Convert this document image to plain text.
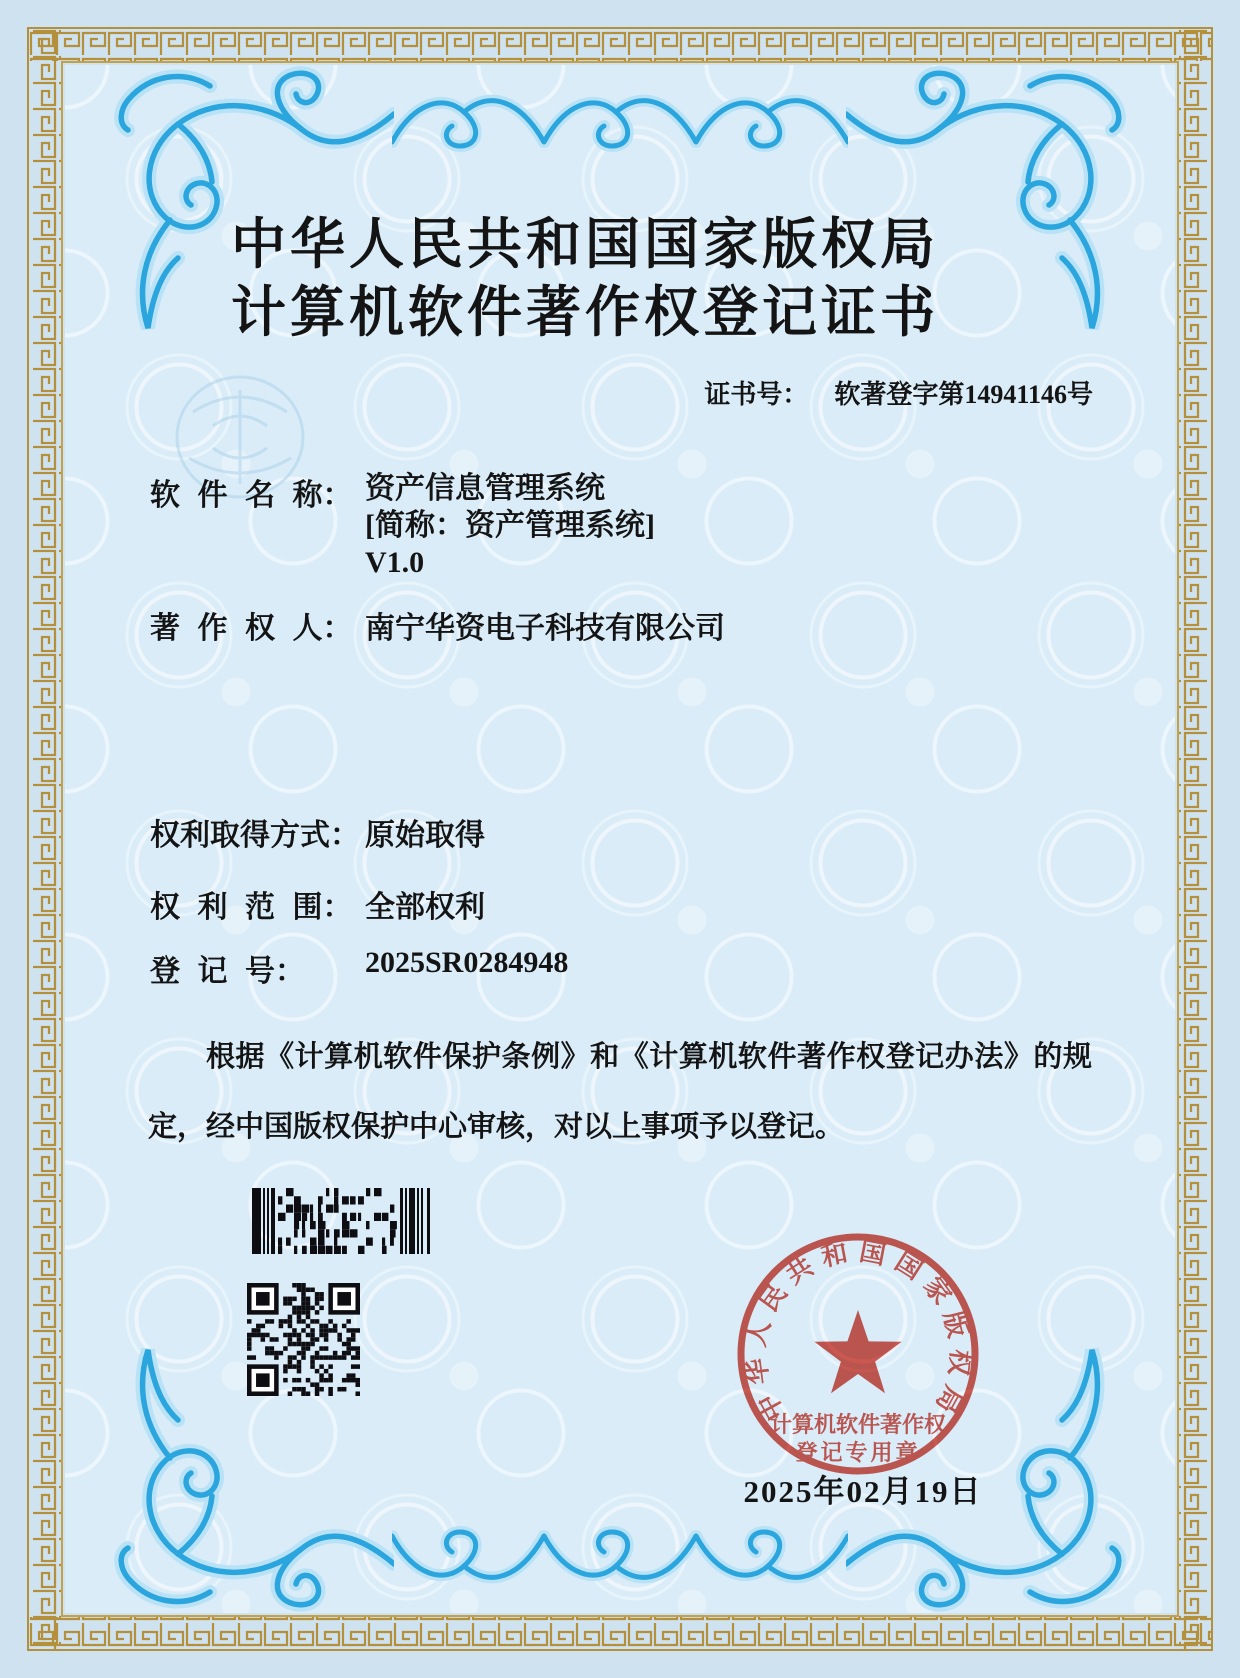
中华人民共和国国家版权局
计算机软件著作权登记证书
证书号： 软著登字第14941146号
软 件 名 称： 资产信息管理系统
[简称：资产管理系统]
V1.0
著 作 权 人： 南宁华资电子科技有限公司
权利取得方式： 原始取得
权 利 范 围： 全部权利
登 记 号： 2025SR0284948
根据《计算机软件保护条例》和《计算机软件著作权登记办法》的规定，经中国版权保护中心审核，对以上事项予以登记。
中华人民共和国国家版权局
计算机软件著作权
登记专用章
2025年02月19日
